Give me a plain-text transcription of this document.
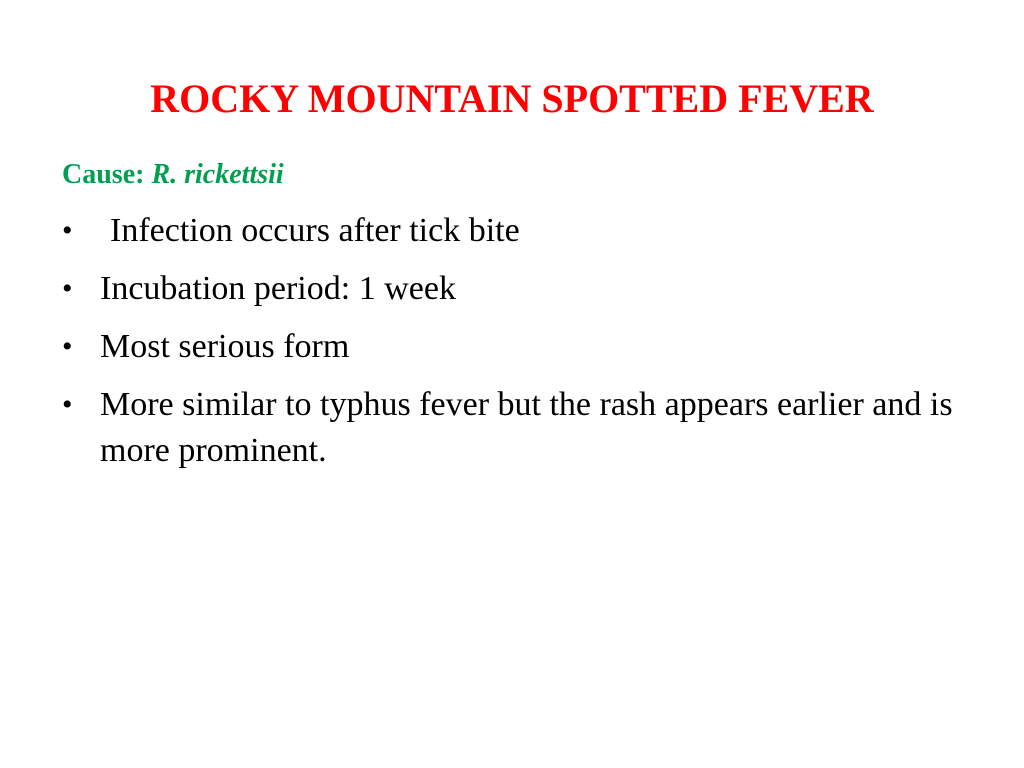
ROCKY MOUNTAIN SPOTTED FEVER

Cause: R. rickettsii

• Infection occurs after tick bite
• Incubation period: 1 week
• Most serious form
• More similar to typhus fever but the rash appears earlier and is more prominent.
